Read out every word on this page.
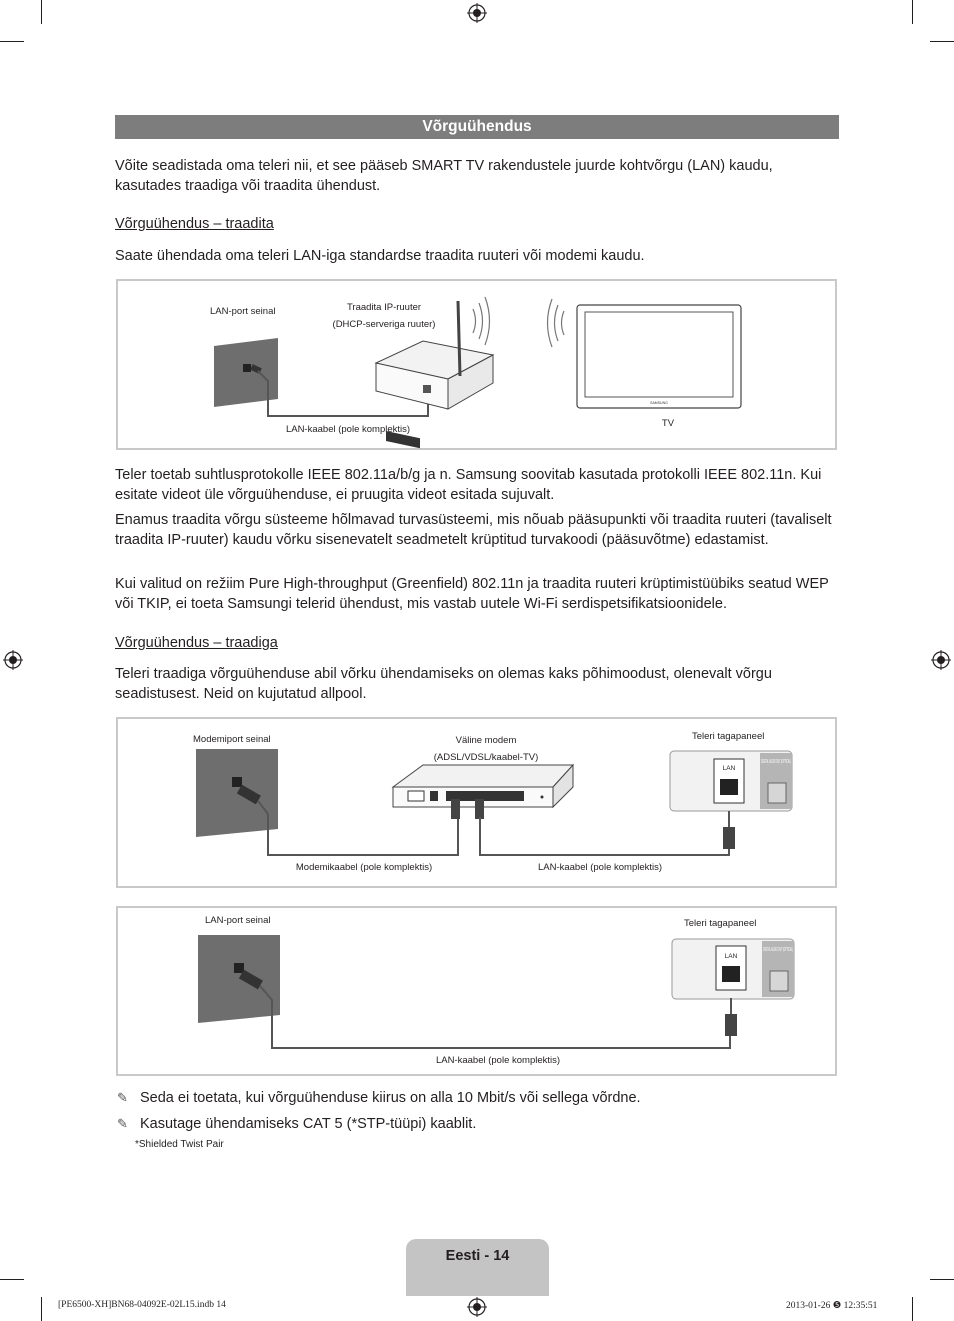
Võrguühendus
Võite seadistada oma teleri nii, et see pääseb SMART TV rakendustele juurde kohtvõrgu (LAN) kaudu, kasutades traadiga või traadita ühendust.
Võrguühendus – traadita
Saate ühendada oma teleri LAN-iga standardse traadita ruuteri või modemi kaudu.
SAMSUNG
LAN-port seinal	Traadita IP-ruuter
(DHCP-serveriga ruuter)
LAN-kaabel (pole komplektis)
TV
Teler toetab suhtlusprotokolle IEEE 802.11a/b/g ja n. Samsung soovitab kasutada protokolli IEEE 802.11n. Kui esitate videot üle võrguühenduse, ei pruugita videot esitada sujuvalt.
Enamus traadita võrgu süsteeme hõlmavad turvasüsteemi, mis nõuab pääsupunkti või traadita ruuteri (tavaliselt traadita IP-ruuter) kaudu võrku sisenevatelt seadmetelt krüptitud turvakoodi (pääsuvõtme) edastamist.
Kui valitud on režiim Pure High-throughput (Greenfield) 802.11n ja traadita ruuteri krüptimistüübiks seatud WEP või TKIP, ei toeta Samsungi telerid ühendust, mis vastab uutele Wi-Fi serdispetsifikatsioonidele.
Võrguühendus – traadiga
Teleri traadiga võrguühenduse abil võrku ühendamiseks on olemas kaks põhimoodust, olenevalt võrgu seadistusest. Neid on kujutatud allpool.
LAN
DIGITAL AUDIO OUT (OPTICAL)
Modemiport seinal	Väline modem
(ADSL/VDSL/kaabel-TV)
Teleri tagapaneel
Modemikaabel (pole komplektis)	LAN-kaabel (pole komplektis)
LAN
DIGITAL AUDIO OUT (OPTICAL)
LAN-port seinal	Teleri tagapaneel
LAN-kaabel (pole komplektis)
✎ Seda ei toetata, kui võrguühenduse kiirus on alla 10 Mbit/s või sellega võrdne.
✎ Kasutage ühendamiseks CAT 5 (*STP-tüüpi) kaablit.
*Shielded Twist Pair
Eesti - 14
[PE6500-XH]BN68-04092E-02L15.indb 14	2013-01-26 ❺ 12:35:51
